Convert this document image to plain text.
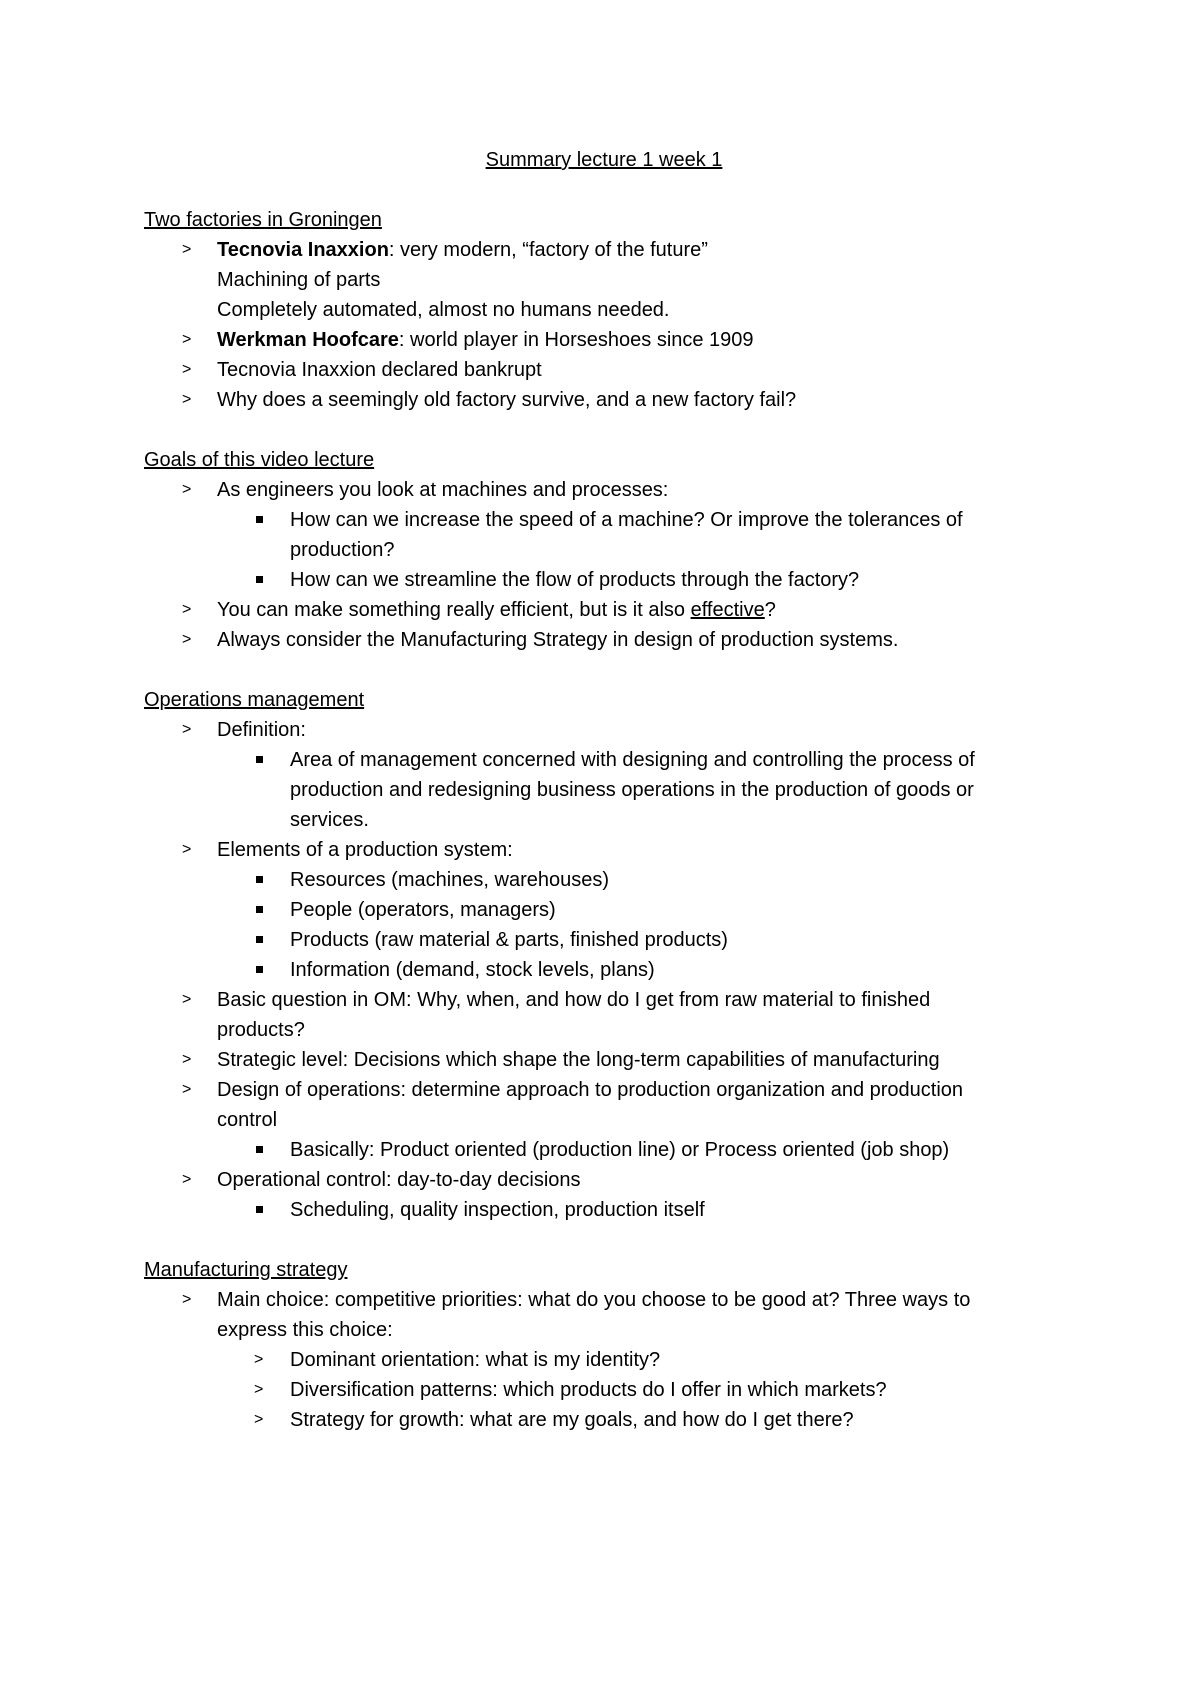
Summary lecture 1 week 1
Two factories in Groningen
>	Tecnovia Inaxxion: very modern, “factory of the future”
Machining of parts
Completely automated, almost no humans needed.
>	Werkman Hoofcare: world player in Horseshoes since 1909
>	Tecnovia Inaxxion declared bankrupt
>	Why does a seemingly old factory survive, and a new factory fail?
Goals of this video lecture
>	As engineers you look at machines and processes:
How can we increase the speed of a machine? Or improve the tolerances of
production?
How can we streamline the flow of products through the factory?
>	You can make something really efficient, but is it also effective?
>	Always consider the Manufacturing Strategy in design of production systems.
Operations management
>	Definition:
Area of management concerned with designing and controlling the process of
production and redesigning business operations in the production of goods or
services.
>	Elements of a production system:
Resources (machines, warehouses)
People (operators, managers)
Products (raw material & parts, finished products)
Information (demand, stock levels, plans)
>	Basic question in OM: Why, when, and how do I get from raw material to finished
products?
>	Strategic level: Decisions which shape the long-term capabilities of manufacturing
>	Design of operations: determine approach to production organization and production
control
Basically: Product oriented (production line) or Process oriented (job shop)
>	Operational control: day-to-day decisions
Scheduling, quality inspection, production itself
Manufacturing strategy
>	Main choice: competitive priorities: what do you choose to be good at? Three ways to
express this choice:
>	Dominant orientation: what is my identity?
>	Diversification patterns: which products do I offer in which markets?
>	Strategy for growth: what are my goals, and how do I get there?
